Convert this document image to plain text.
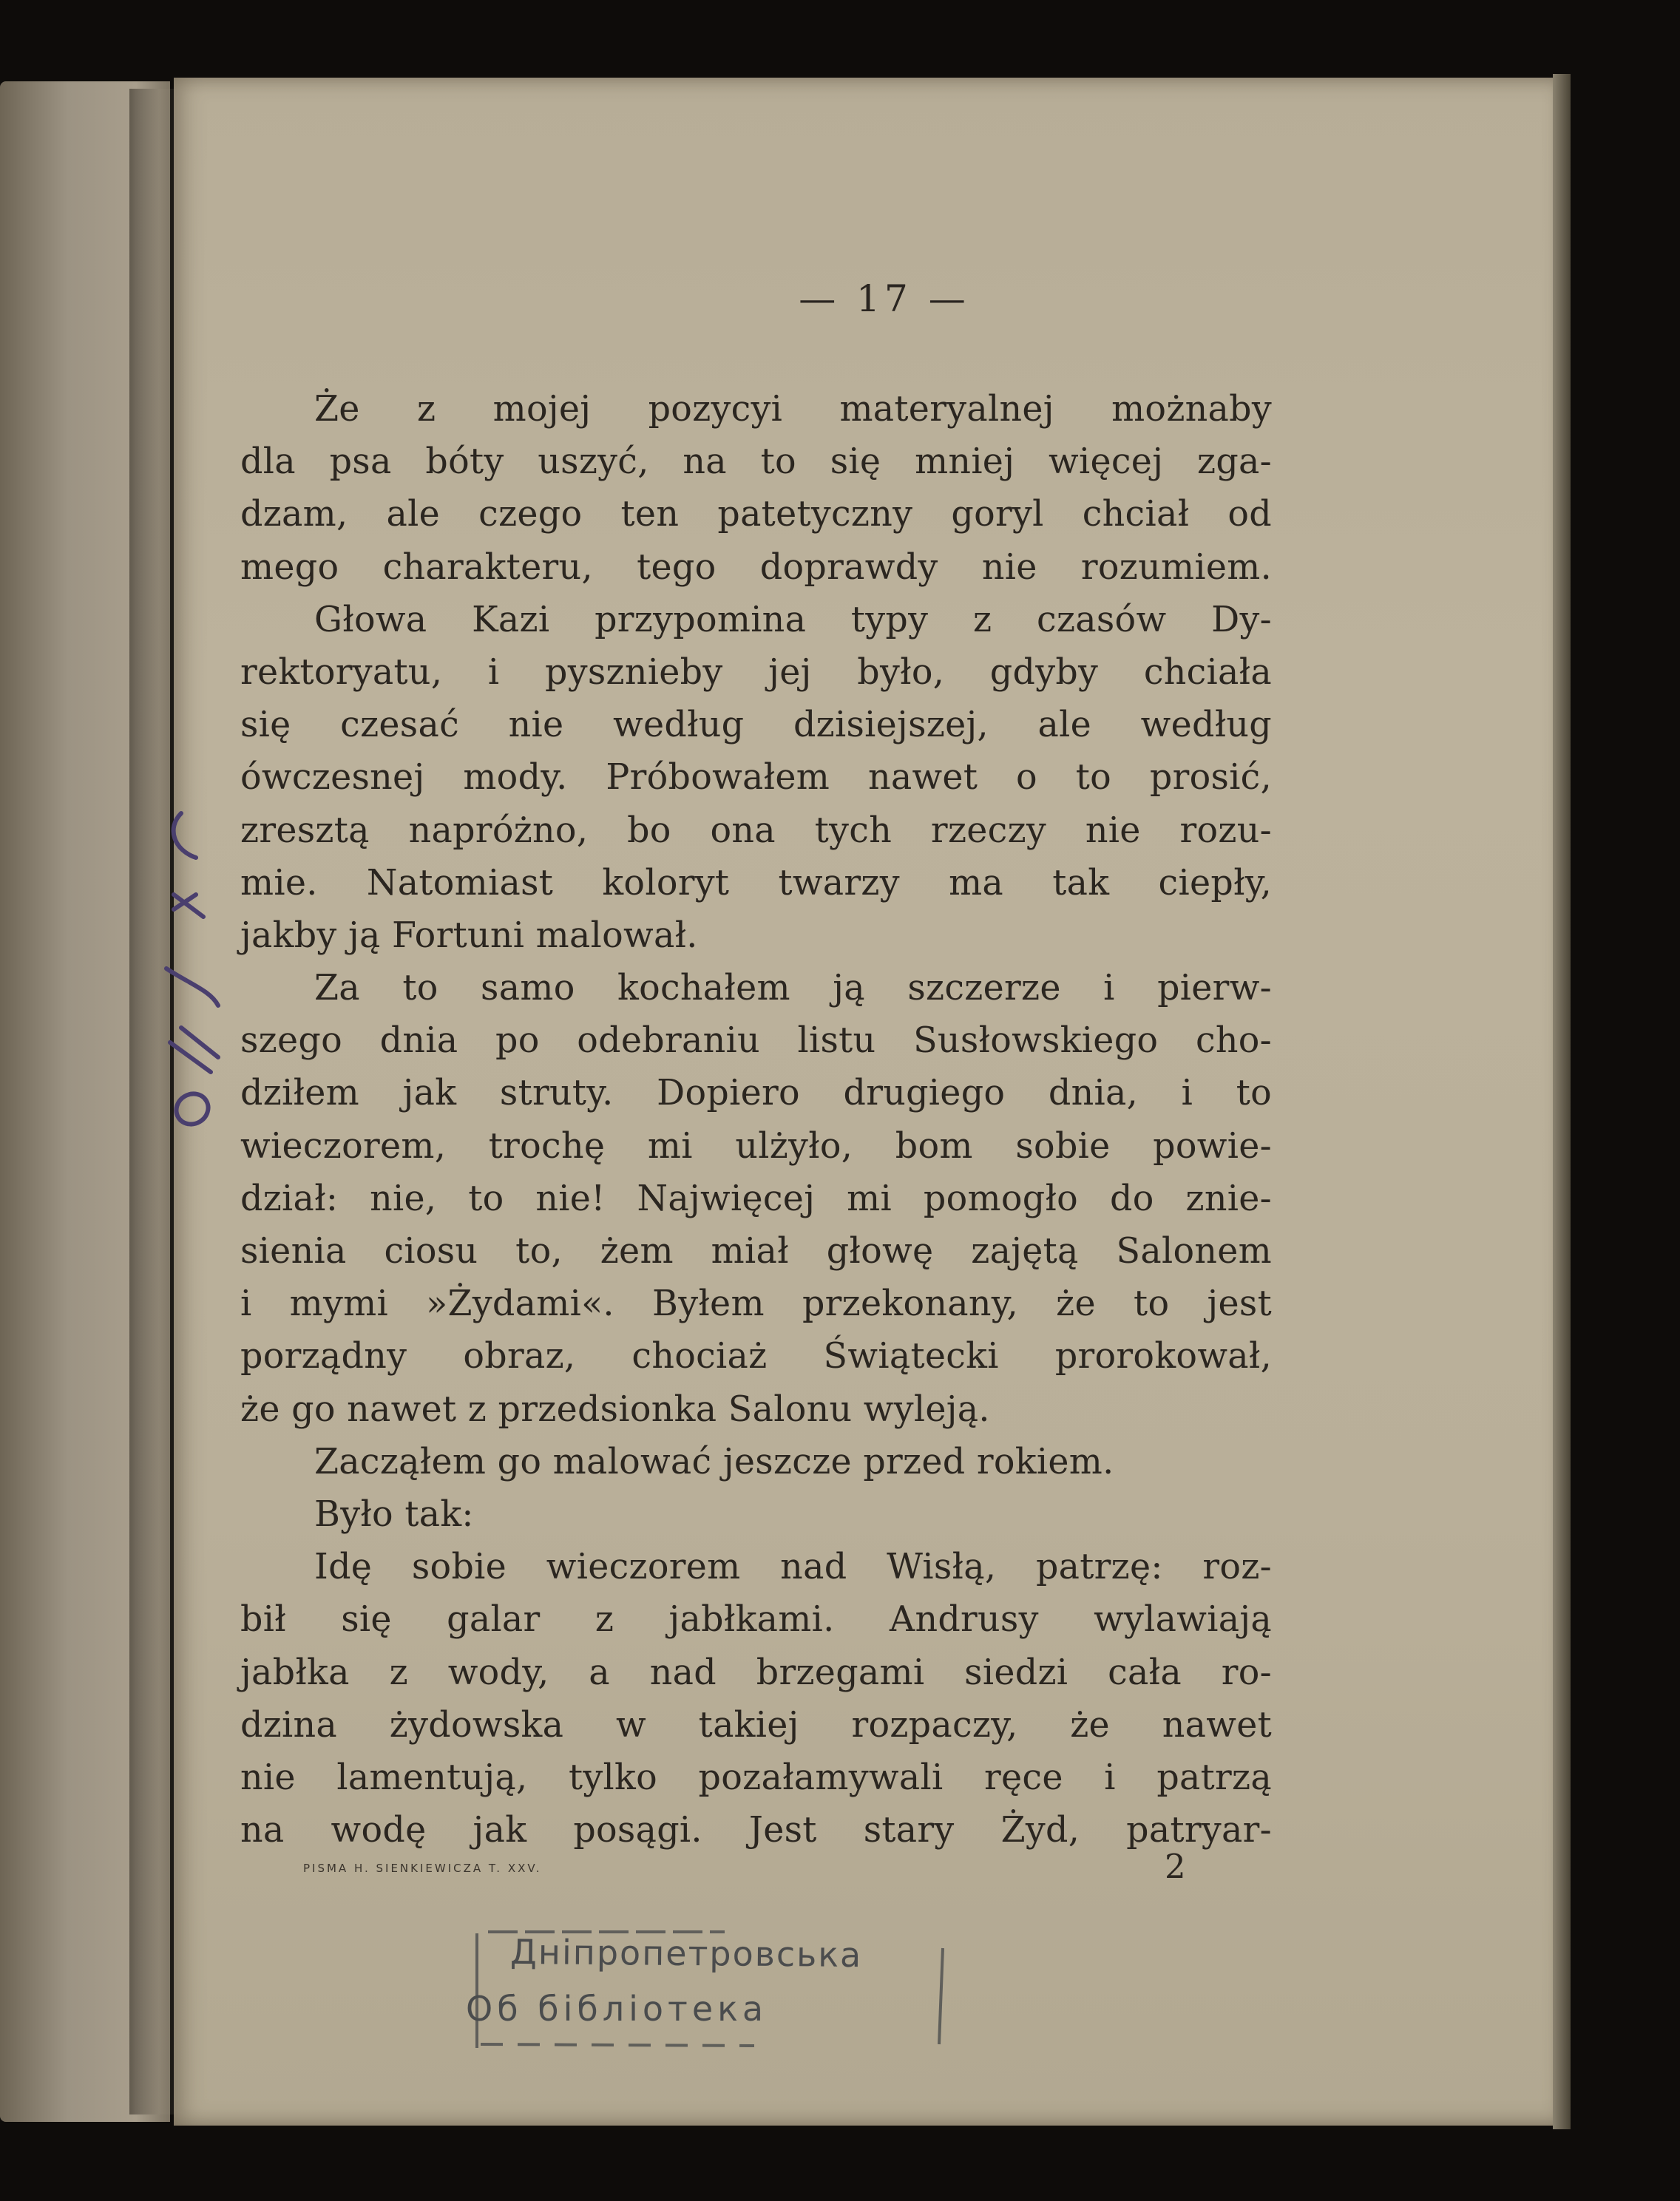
— 17 —
Że z mojej pozycyi materyalnej możnaby
dla psa bóty uszyć, na to się mniej więcej zga-
dzam, ale czego ten patetyczny goryl chciał od
mego charakteru, tego doprawdy nie rozumiem.
Głowa Kazi przypomina typy z czasów Dy-
rektoryatu, i pysznieby jej było, gdyby chciała
się czesać nie według dzisiejszej, ale według
ówczesnej mody. Próbowałem nawet o to prosić,
zresztą napróżno, bo ona tych rzeczy nie rozu-
mie. Natomiast koloryt twarzy ma tak ciepły,
jakby ją Fortuni malował.
Za to samo kochałem ją szczerze i pierw-
szego dnia po odebraniu listu Susłowskiego cho-
dziłem jak struty. Dopiero drugiego dnia, i to
wieczorem, trochę mi ulżyło, bom sobie powie-
dział: nie, to nie! Najwięcej mi pomogło do znie-
sienia ciosu to, żem miał głowę zajętą Salonem
i mymi »Żydami«. Byłem przekonany, że to jest
porządny obraz, chociaż Świątecki prorokował,
że go nawet z przedsionka Salonu wyleją.
Zacząłem go malować jeszcze przed rokiem.
Było tak:
Idę sobie wieczorem nad Wisłą, patrzę: roz-
bił się galar z jabłkami. Andrusy wylawiają
jabłka z wody, a nad brzegami siedzi cała ro-
dzina żydowska w takiej rozpaczy, że nawet
nie lamentują, tylko pozałamywali ręce i patrzą
na wodę jak posągi. Jest stary Żyd, patryar-
PISMA H. SIENKIEWICZA T. XXV.	2
Днiпропетровська
Об бiблiотека
